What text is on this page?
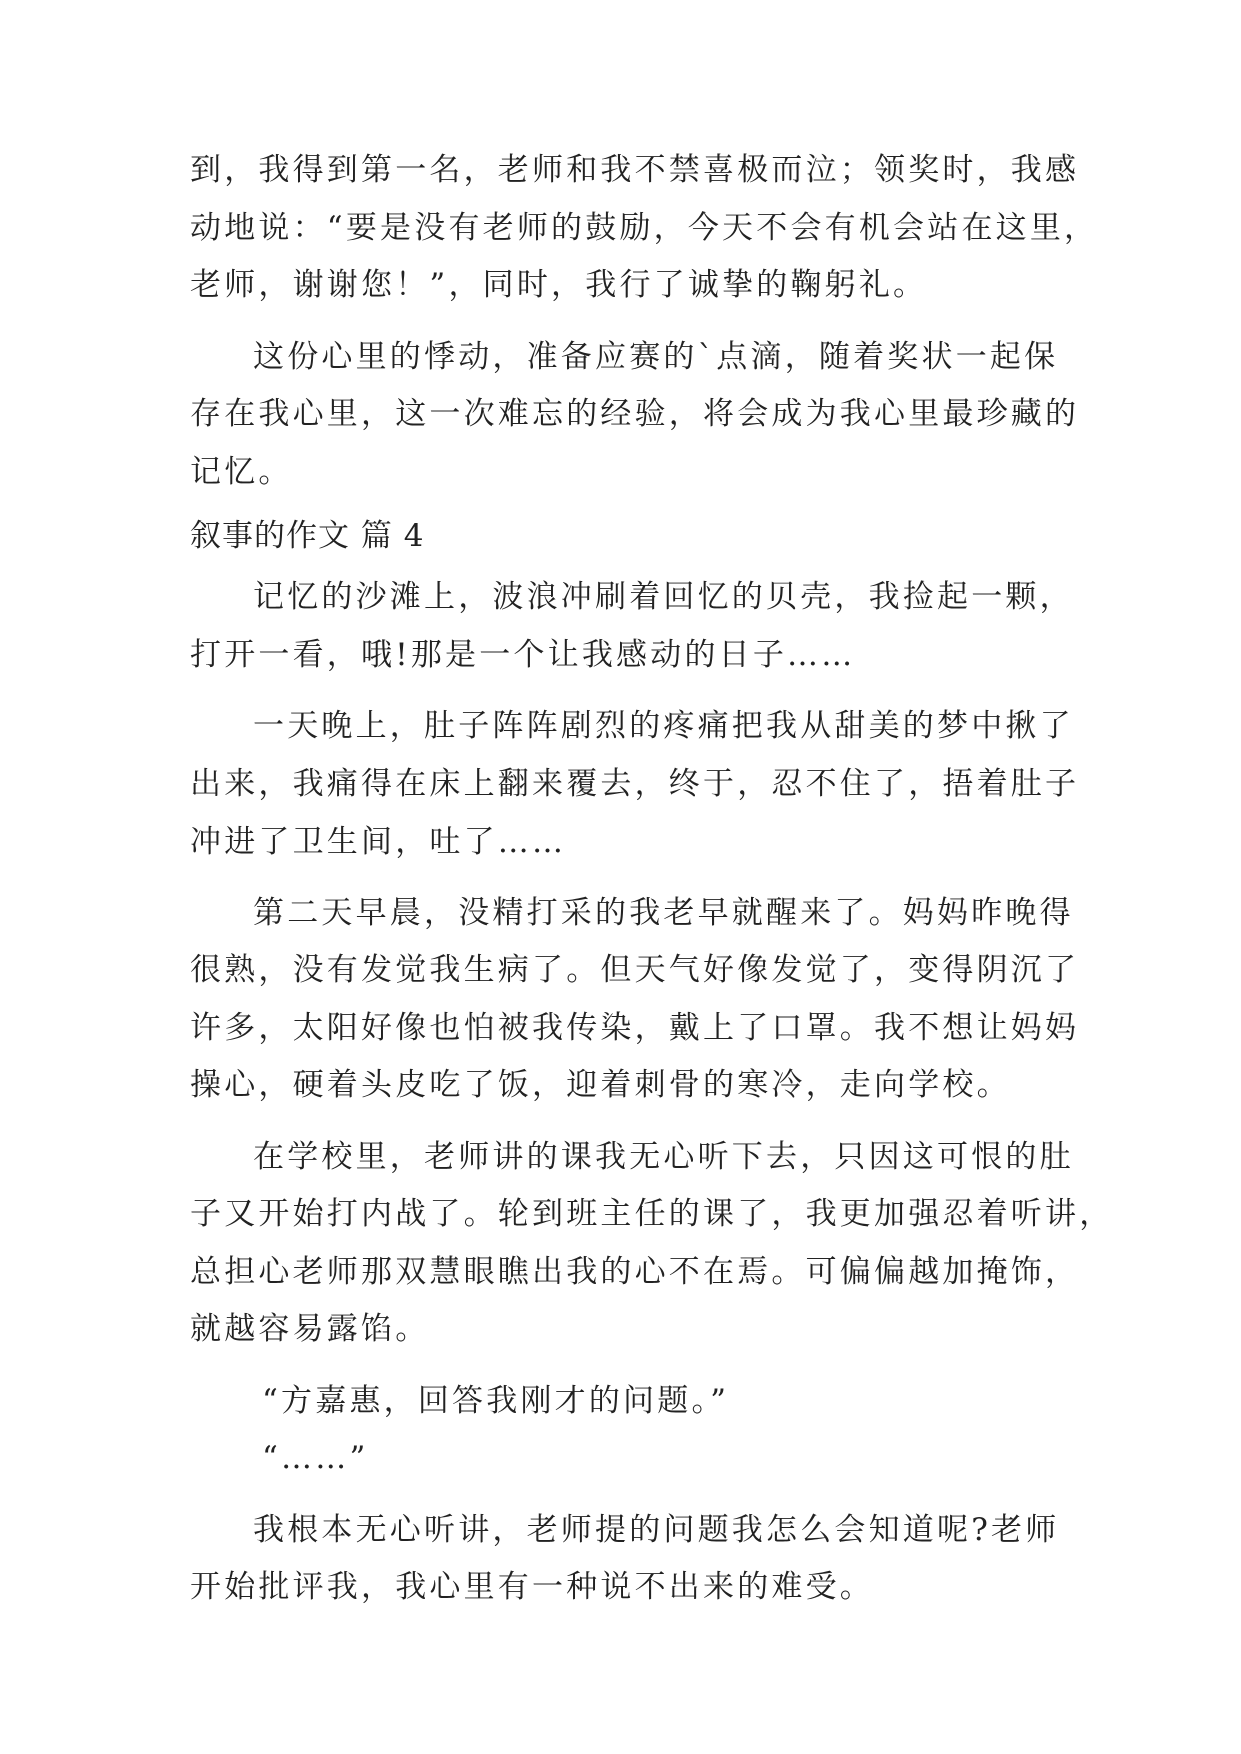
到，我得到第一名，老师和我不禁喜极而泣；领奖时，我感
动地说：“要是没有老师的鼓励，今天不会有机会站在这里，
老师，谢谢您！”，同时，我行了诚挚的鞠躬礼。
这份心里的悸动，准备应赛的`点滴，随着奖状一起保
存在我心里，这一次难忘的经验，将会成为我心里最珍藏的
记忆。
叙事的作文 篇 4
记忆的沙滩上，波浪冲刷着回忆的贝壳，我捡起一颗，
打开一看，哦!那是一个让我感动的日子……
一天晚上，肚子阵阵剧烈的疼痛把我从甜美的梦中揪了
出来，我痛得在床上翻来覆去，终于，忍不住了，捂着肚子
冲进了卫生间，吐了……
第二天早晨，没精打采的我老早就醒来了。妈妈昨晚得
很熟，没有发觉我生病了。但天气好像发觉了，变得阴沉了
许多，太阳好像也怕被我传染，戴上了口罩。我不想让妈妈
操心，硬着头皮吃了饭，迎着刺骨的寒冷，走向学校。
在学校里，老师讲的课我无心听下去，只因这可恨的肚
子又开始打内战了。轮到班主任的课了，我更加强忍着听讲，
总担心老师那双慧眼瞧出我的心不在焉。可偏偏越加掩饰，
就越容易露馅。
“方嘉惠，回答我刚才的问题。”
“……”
我根本无心听讲，老师提的问题我怎么会知道呢?老师
开始批评我，我心里有一种说不出来的难受。
